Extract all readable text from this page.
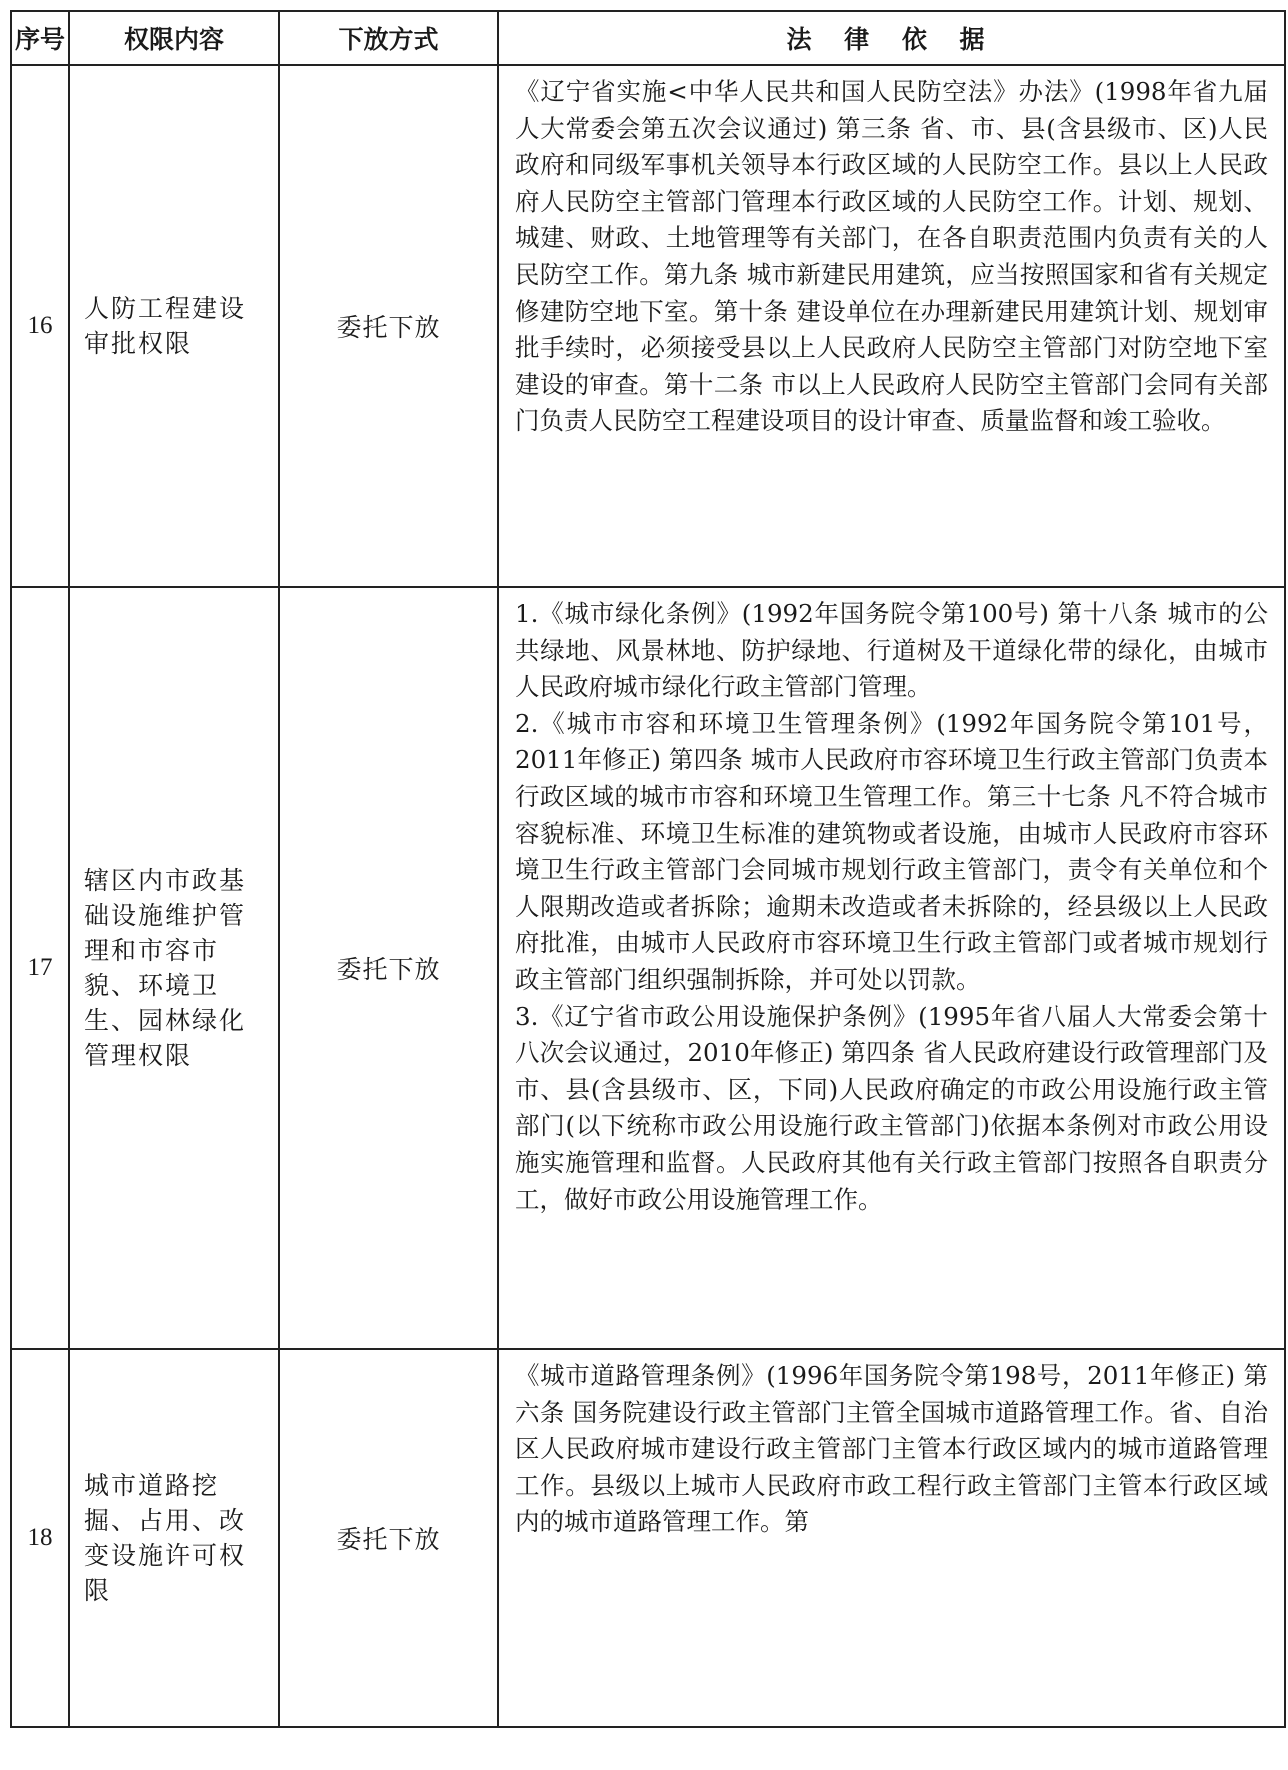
序号	权限内容	下放方式	法 律 依 据
16	人防工程建设审批权限	委托下放	《辽宁省实施<中华人民共和国人民防空法》办法》(1998年省九届人大常委会第五次会议通过) 第三条 省、市、县(含县级市、区)人民政府和同级军事机关领导本行政区域的人民防空工作。县以上人民政府人民防空主管部门管理本行政区域的人民防空工作。计划、规划、城建、财政、土地管理等有关部门，在各自职责范围内负责有关的人民防空工作。第九条 城市新建民用建筑，应当按照国家和省有关规定修建防空地下室。第十条 建设单位在办理新建民用建筑计划、规划审批手续时，必须接受县以上人民政府人民防空主管部门对防空地下室建设的审查。第十二条 市以上人民政府人民防空主管部门会同有关部门负责人民防空工程建设项目的设计审查、质量监督和竣工验收。

17	辖区内市政基础设施维护管理和市容市貌、环境卫生、园林绿化管理权限	委托下放	1.《城市绿化条例》(1992年国务院令第100号) 第十八条 城市的公共绿地、风景林地、防护绿地、行道树及干道绿化带的绿化，由城市人民政府城市绿化行政主管部门管理。

2.《城市市容和环境卫生管理条例》(1992年国务院令第101号，2011年修正) 第四条 城市人民政府市容环境卫生行政主管部门负责本行政区域的城市市容和环境卫生管理工作。第三十七条 凡不符合城市容貌标准、环境卫生标准的建筑物或者设施，由城市人民政府市容环境卫生行政主管部门会同城市规划行政主管部门，责令有关单位和个人限期改造或者拆除；逾期未改造或者未拆除的，经县级以上人民政府批准，由城市人民政府市容环境卫生行政主管部门或者城市规划行政主管部门组织强制拆除，并可处以罚款。

3.《辽宁省市政公用设施保护条例》(1995年省八届人大常委会第十八次会议通过，2010年修正) 第四条 省人民政府建设行政管理部门及市、县(含县级市、区，下同)人民政府确定的市政公用设施行政主管部门(以下统称市政公用设施行政主管部门)依据本条例对市政公用设施实施管理和监督。人民政府其他有关行政主管部门按照各自职责分工，做好市政公用设施管理工作。

18	城市道路挖掘、占用、改变设施许可权限	委托下放	《城市道路管理条例》(1996年国务院令第198号，2011年修正) 第六条 国务院建设行政主管部门主管全国城市道路管理工作。省、自治区人民政府城市建设行政主管部门主管本行政区域内的城市道路管理工作。县级以上城市人民政府市政工程行政主管部门主管本行政区域内的城市道路管理工作。第
